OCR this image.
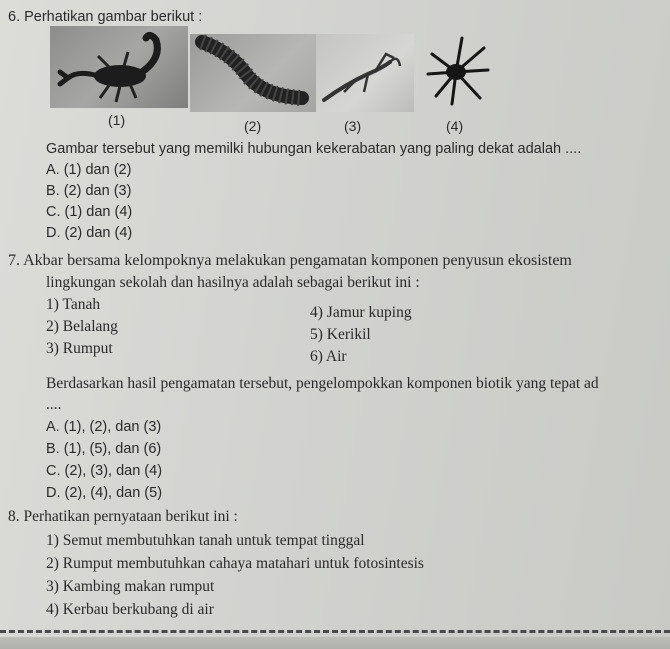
6. Perhatikan gambar berikut :
(1)	(2)	(3)	(4)
Gambar tersebut yang memilki hubungan kekerabatan yang paling dekat adalah ....
A. (1) dan (2)
B. (2) dan (3)
C. (1) dan (4)
D. (2) dan (4)
7. Akbar bersama kelompoknya melakukan pengamatan komponen penyusun ekosistem
lingkungan sekolah dan hasilnya adalah sebagai berikut ini :
1) Tanah
2) Belalang
3) Rumput
4) Jamur kuping
5) Kerikil
6) Air
Berdasarkan hasil pengamatan tersebut, pengelompokkan komponen biotik yang tepat ad
....
A. (1), (2), dan (3)
B. (1), (5), dan (6)
C. (2), (3), dan (4)
D. (2), (4), dan (5)
8. Perhatikan pernyataan berikut ini :
1) Semut membutuhkan tanah untuk tempat tinggal
2) Rumput membutuhkan cahaya matahari untuk fotosintesis
3) Kambing makan rumput
4) Kerbau berkubang di air
